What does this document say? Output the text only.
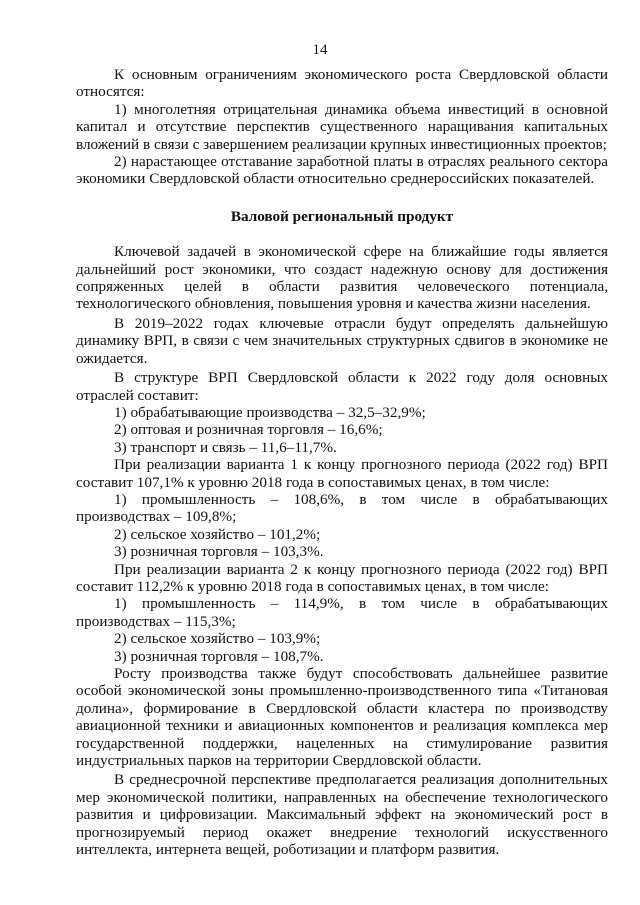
14

К основным ограничениям экономического роста Свердловской области относятся:

1) многолетняя отрицательная динамика объема инвестиций в основной капитал и отсутствие перспектив существенного наращивания капитальных вложений в связи с завершением реализации крупных инвестиционных проектов;

2) нарастающее отставание заработной платы в отраслях реального сектора экономики Свердловской области относительно среднероссийских показателей.

Валовой региональный продукт

Ключевой задачей в экономической сфере на ближайшие годы является дальнейший рост экономики, что создаст надежную основу для достижения сопряженных целей в области развития человеческого потенциала, технологического обновления, повышения уровня и качества жизни населения.

В 2019–2022 годах ключевые отрасли будут определять дальнейшую динамику ВРП, в связи с чем значительных структурных сдвигов в экономике не ожидается.

В структуре ВРП Свердловской области к 2022 году доля основных отраслей составит:

1) обрабатывающие производства – 32,5–32,9%;

2) оптовая и розничная торговля – 16,6%;

3) транспорт и связь – 11,6–11,7%.

При реализации варианта 1 к концу прогнозного периода (2022 год) ВРП составит 107,1% к уровню 2018 года в сопоставимых ценах, в том числе:

1) промышленность – 108,6%, в том числе в обрабатывающих производствах – 109,8%;

2) сельское хозяйство – 101,2%;

3) розничная торговля – 103,3%.

При реализации варианта 2 к концу прогнозного периода (2022 год) ВРП составит 112,2% к уровню 2018 года в сопоставимых ценах, в том числе:

1) промышленность – 114,9%, в том числе в обрабатывающих производствах – 115,3%;

2) сельское хозяйство – 103,9%;

3) розничная торговля – 108,7%.

Росту производства также будут способствовать дальнейшее развитие особой экономической зоны промышленно-производственного типа «Титановая долина», формирование в Свердловской области кластера по производству авиационной техники и авиационных компонентов и реализация комплекса мер государственной поддержки, нацеленных на стимулирование развития индустриальных парков на территории Свердловской области.

В среднесрочной перспективе предполагается реализация дополнительных мер экономической политики, направленных на обеспечение технологического развития и цифровизации. Максимальный эффект на экономический рост в прогнозируемый период окажет внедрение технологий искусственного интеллекта, интернета вещей, роботизации и платформ развития.
